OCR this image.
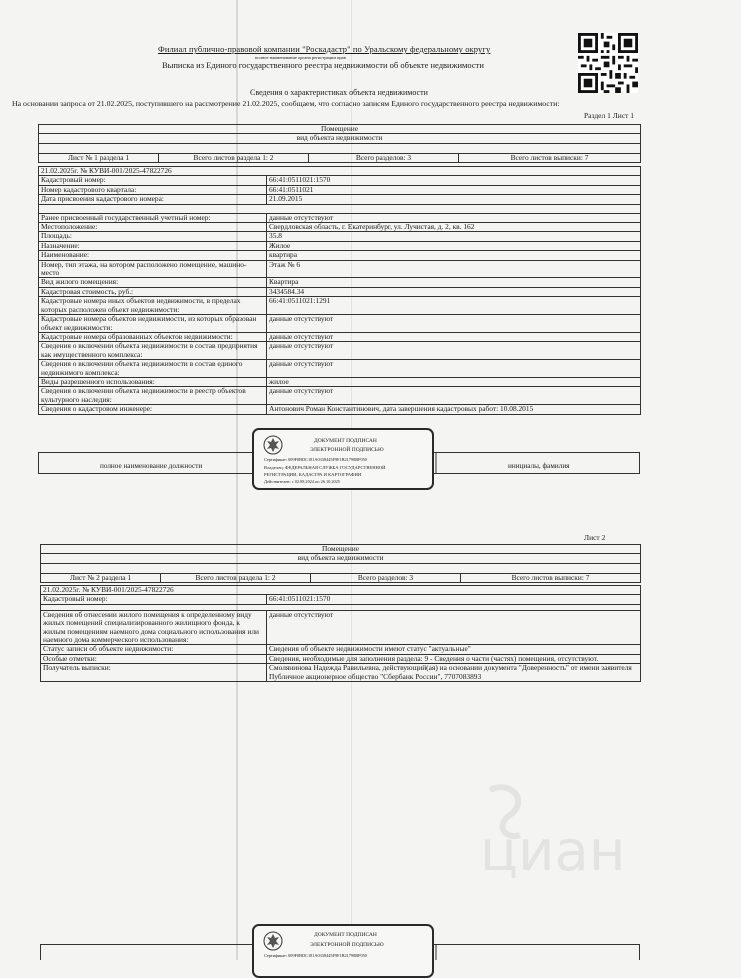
Филиал публично-правовой компании "Роскадастр" по Уральскому федеральному округу
полное наименование органа регистрации прав
Выписка из Единого государственного реестра недвижимости об объекте недвижимости
Сведения о характеристиках объекта недвижимости
На основании запроса от 21.02.2025, поступившего на рассмотрение 21.02.2025, сообщаем, что согласно записям Единого государственного реестра недвижимости:
Раздел 1 Лист 1
Помещение
вид объекта недвижимости

Лист № 1 раздела 1	Всего листов раздела 1: 2	Всего разделов: 3	Всего листов выписки: 7
21.02.2025г. № КУВИ-001/2025-47822726	
Кадастровый номер:	66:41:0511021:1570
Номер кадастрового квартала:	66:41:0511021
Дата присвоения кадастрового номера:	21.09.2015

Ранее присвоенный государственный учетный номер:	данные отсутствуют
Местоположение:	Свердловская область, г. Екатеринбург, ул. Лучистая, д. 2, кв. 162
Площадь:	35.8
Назначение:	Жилое
Наименование:	квартира
Номер, тип этажа, на котором расположено помещение, машино-место	Этаж № 6
Вид жилого помещения:	Квартира
Кадастровая стоимость, руб.:	3434584.34
Кадастровые номера иных объектов недвижимости, в пределах которых расположен объект недвижимости:	66:41:0511021:1291
Кадастровые номера объектов недвижимости, из которых образован объект недвижимости:	данные отсутствуют
Кадастровые номера образованных объектов недвижимости:	данные отсутствуют
Сведения о включении объекта недвижимости в состав предприятия как имущественного комплекса:	данные отсутствуют
Сведения о включении объекта недвижимости в состав единого недвижимого комплекса:	данные отсутствуют
Виды разрешенного использования:	жилое
Сведения о включении объекта недвижимости в реестр объектов культурного наследия:	данные отсутствуют
Сведения о кадастровом инженере:	Антонович Роман Константинович, дата завершения кадастровых работ: 10.08.2015
полное наименование должности	инициалы, фамилия
ДОКУМЕНТ ПОДПИСАН
ЭЛЕКТРОННОЙ ПОДПИСЬЮ
Сертификат: 009F0BDC181A0338445F9F1B21798BF050
Владелец: ФЕДЕРАЛЬНАЯ СЛУЖБА ГОСУДАРСТВЕННОЙ
РЕГИСТРАЦИИ, КАДАСТРА И КАРТОГРАФИИ
Действителен: с 02.08.2024 по 26.10.2025
Лист 2
Помещение
вид объекта недвижимости

Лист № 2 раздела 1	Всего листов раздела 1: 2	Всего разделов: 3	Всего листов выписки: 7
21.02.2025г. № КУВИ-001/2025-47822726	
Кадастровый номер:	66:41:0511021:1570

Сведения об отнесении жилого помещения к определенному виду жилых помещений специализированного жилищного фонда, к жилым помещениям наемного дома социального использования или наемного дома коммерческого использования:	данные отсутствуют
Статус записи об объекте недвижимости:	Сведения об объекте недвижимости имеют статус "актуальные"
Особые отметки:	Сведения, необходимые для заполнения раздела: 9 - Сведения о части (частях) помещения, отсутствуют.
Получатель выписки:	Смолянинова Надежда Равильевна, действующий(ая) на основании документа "Доверенность" от имени заявителя Публичное акционерное общество "Сбербанк России", 7707083893
циан
ДОКУМЕНТ ПОДПИСАН
ЭЛЕКТРОННОЙ ПОДПИСЬЮ
Сертификат: 009F0BDC181A0338445F9F1B21798BF050
